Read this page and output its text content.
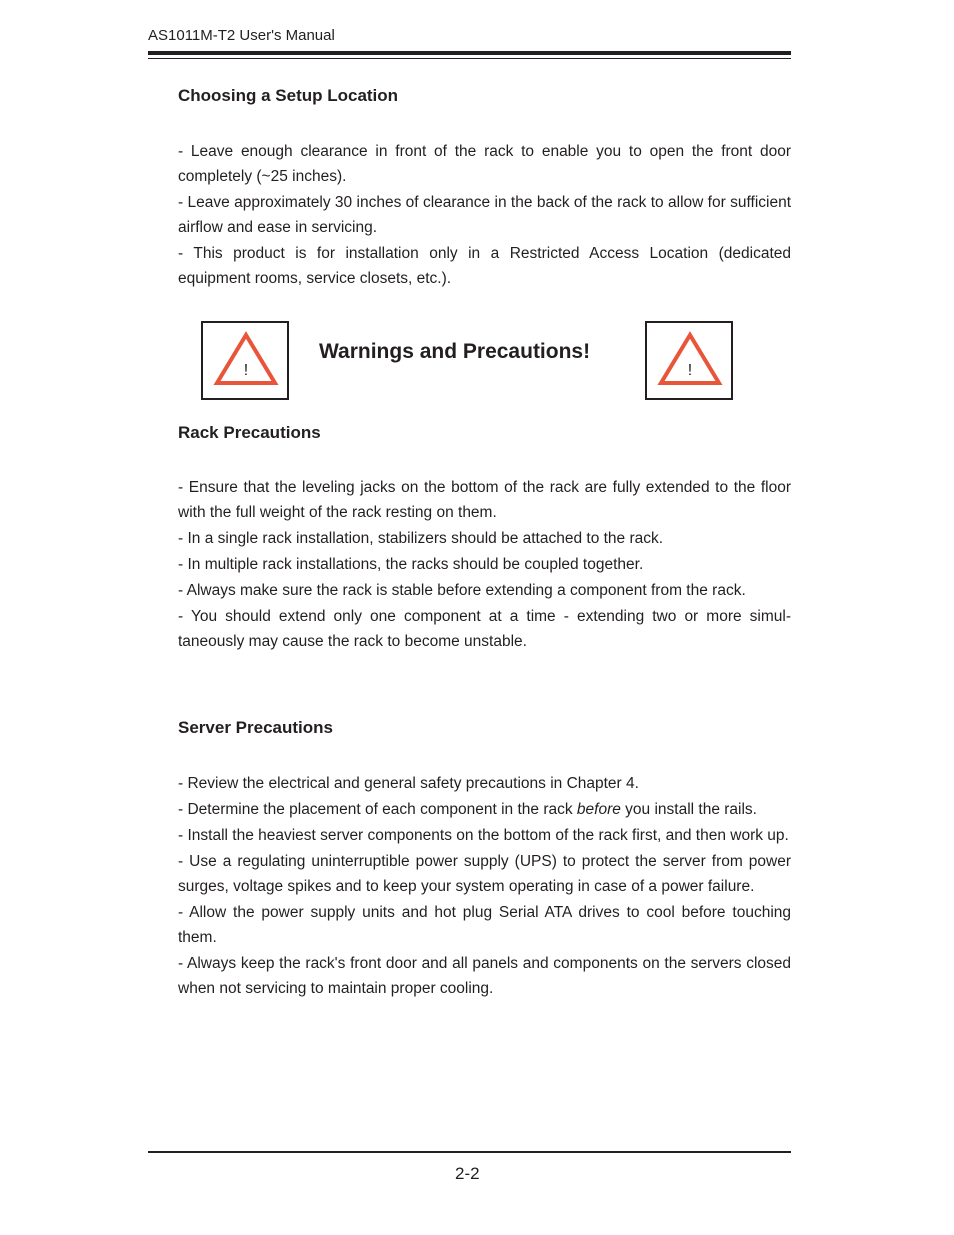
AS1011M-T2 User's Manual
Choosing a Setup Location

- Leave enough clearance in front of the rack to enable you to open the front door completely (~25 inches).

- Leave approximately 30 inches of clearance in the back of the rack to allow for sufficient airflow and ease in servicing.

- This product is for installation only in a Restricted Access Location (dedicated equipment rooms, service closets, etc.).

!
Warnings and Precautions!
!
Rack Precautions

- Ensure that the leveling jacks on the bottom of the rack are fully extended to the floor with the full weight of the rack resting on them.

- In a single rack installation, stabilizers should be attached to the rack.

- In multiple rack installations, the racks should be coupled together.

- Always make sure the rack is stable before extending a component from the rack.

- You should extend only one component at a time - extending two or more simul-taneously may cause the rack to become unstable.

Server Precautions

- Review the electrical and general safety precautions in Chapter 4.

- Determine the placement of each component in the rack before you install the rails.

- Install the heaviest server components on the bottom of the rack first, and then work up.

- Use a regulating uninterruptible power supply (UPS) to protect the server from power surges, voltage spikes and to keep your system operating in case of a power failure.

- Allow the power supply units and hot plug Serial ATA drives to cool before touching them.

- Always keep the rack's front door and all panels and components on the servers closed when not servicing to maintain proper cooling.

2-2
